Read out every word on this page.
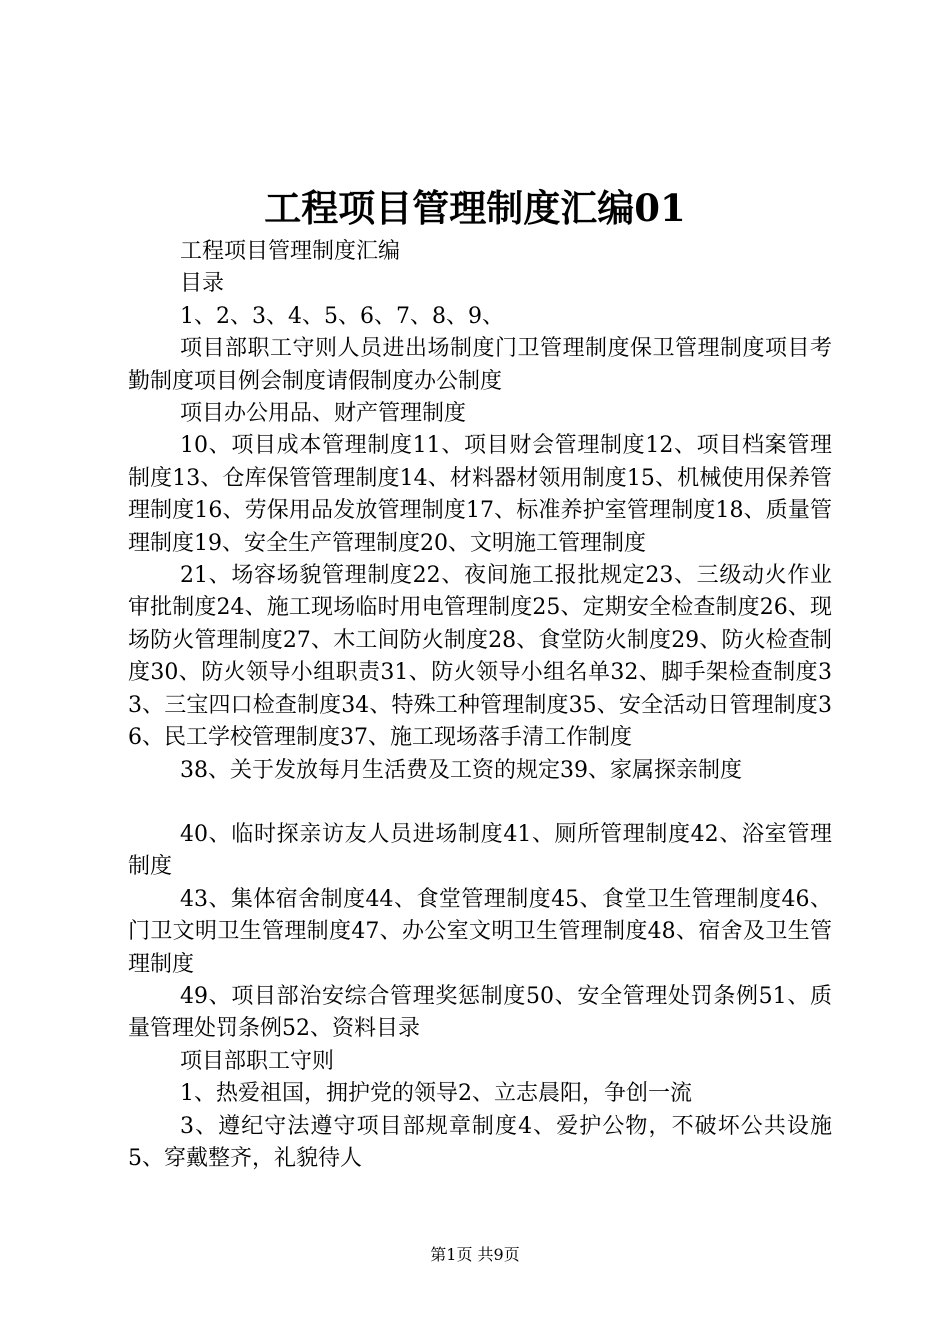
工程项目管理制度汇编01

工程项目管理制度汇编

目录

1、2、3、4、5、6、7、8、9、

项目部职工守则人员进出场制度门卫管理制度保卫管理制度项目考勤制度项目例会制度请假制度办公制度

项目办公用品、财产管理制度

10、项目成本管理制度11、项目财会管理制度12、项目档案管理制度13、仓库保管管理制度14、材料器材领用制度15、机械使用保养管理制度16、劳保用品发放管理制度17、标准养护室管理制度18、质量管理制度19、安全生产管理制度20、文明施工管理制度

21、场容场貌管理制度22、夜间施工报批规定23、三级动火作业审批制度24、施工现场临时用电管理制度25、定期安全检查制度26、现场防火管理制度27、木工间防火制度28、食堂防火制度29、防火检查制度30、防火领导小组职责31、防火领导小组名单32、脚手架检查制度33、三宝四口检查制度34、特殊工种管理制度35、安全活动日管理制度36、民工学校管理制度37、施工现场落手清工作制度

38、关于发放每月生活费及工资的规定39、家属探亲制度

40、临时探亲访友人员进场制度41、厕所管理制度42、浴室管理制度

43、集体宿舍制度44、食堂管理制度45、食堂卫生管理制度46、门卫文明卫生管理制度47、办公室文明卫生管理制度48、宿舍及卫生管理制度

49、项目部治安综合管理奖惩制度50、安全管理处罚条例51、质量管理处罚条例52、资料目录

项目部职工守则

1、热爱祖国，拥护党的领导2、立志晨阳，争创一流

3、遵纪守法遵守项目部规章制度4、爱护公物，不破坏公共设施5、穿戴整齐，礼貌待人

第1页 共9页
